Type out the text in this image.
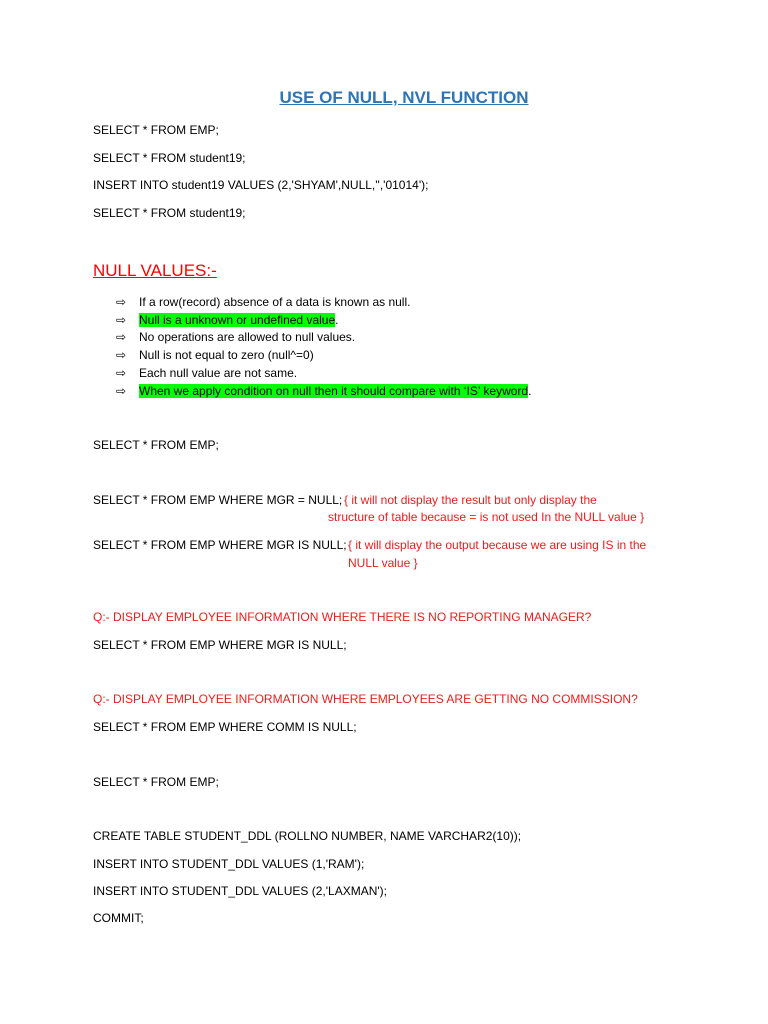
USE OF NULL, NVL FUNCTION
SELECT * FROM EMP;
SELECT * FROM student19;
INSERT INTO student19 VALUES (2,'SHYAM',NULL,'','01014');
SELECT * FROM student19;
NULL VALUES:-
⇨ If a row(record) absence of a data is known as null.
⇨ Null is a unknown or undefined value.
⇨ No operations are allowed to null values.
⇨ Null is not equal to zero (null^=0)
⇨ Each null value are not same.
⇨ When we apply condition on null then it should compare with ‘IS’ keyword.
SELECT * FROM EMP;
SELECT * FROM EMP WHERE MGR = NULL; { it will not display the result but only display the
structure of table because = is not used In the NULL value }
SELECT * FROM EMP WHERE MGR IS NULL; { it will display the output because we are using IS in the
NULL value }
Q:- DISPLAY EMPLOYEE INFORMATION WHERE THERE IS NO REPORTING MANAGER?
SELECT * FROM EMP WHERE MGR IS NULL;
Q:- DISPLAY EMPLOYEE INFORMATION WHERE EMPLOYEES ARE GETTING NO COMMISSION?
SELECT * FROM EMP WHERE COMM IS NULL;
SELECT * FROM EMP;
CREATE TABLE STUDENT_DDL (ROLLNO NUMBER, NAME VARCHAR2(10));
INSERT INTO STUDENT_DDL VALUES (1,'RAM');
INSERT INTO STUDENT_DDL VALUES (2,'LAXMAN');
COMMIT;
